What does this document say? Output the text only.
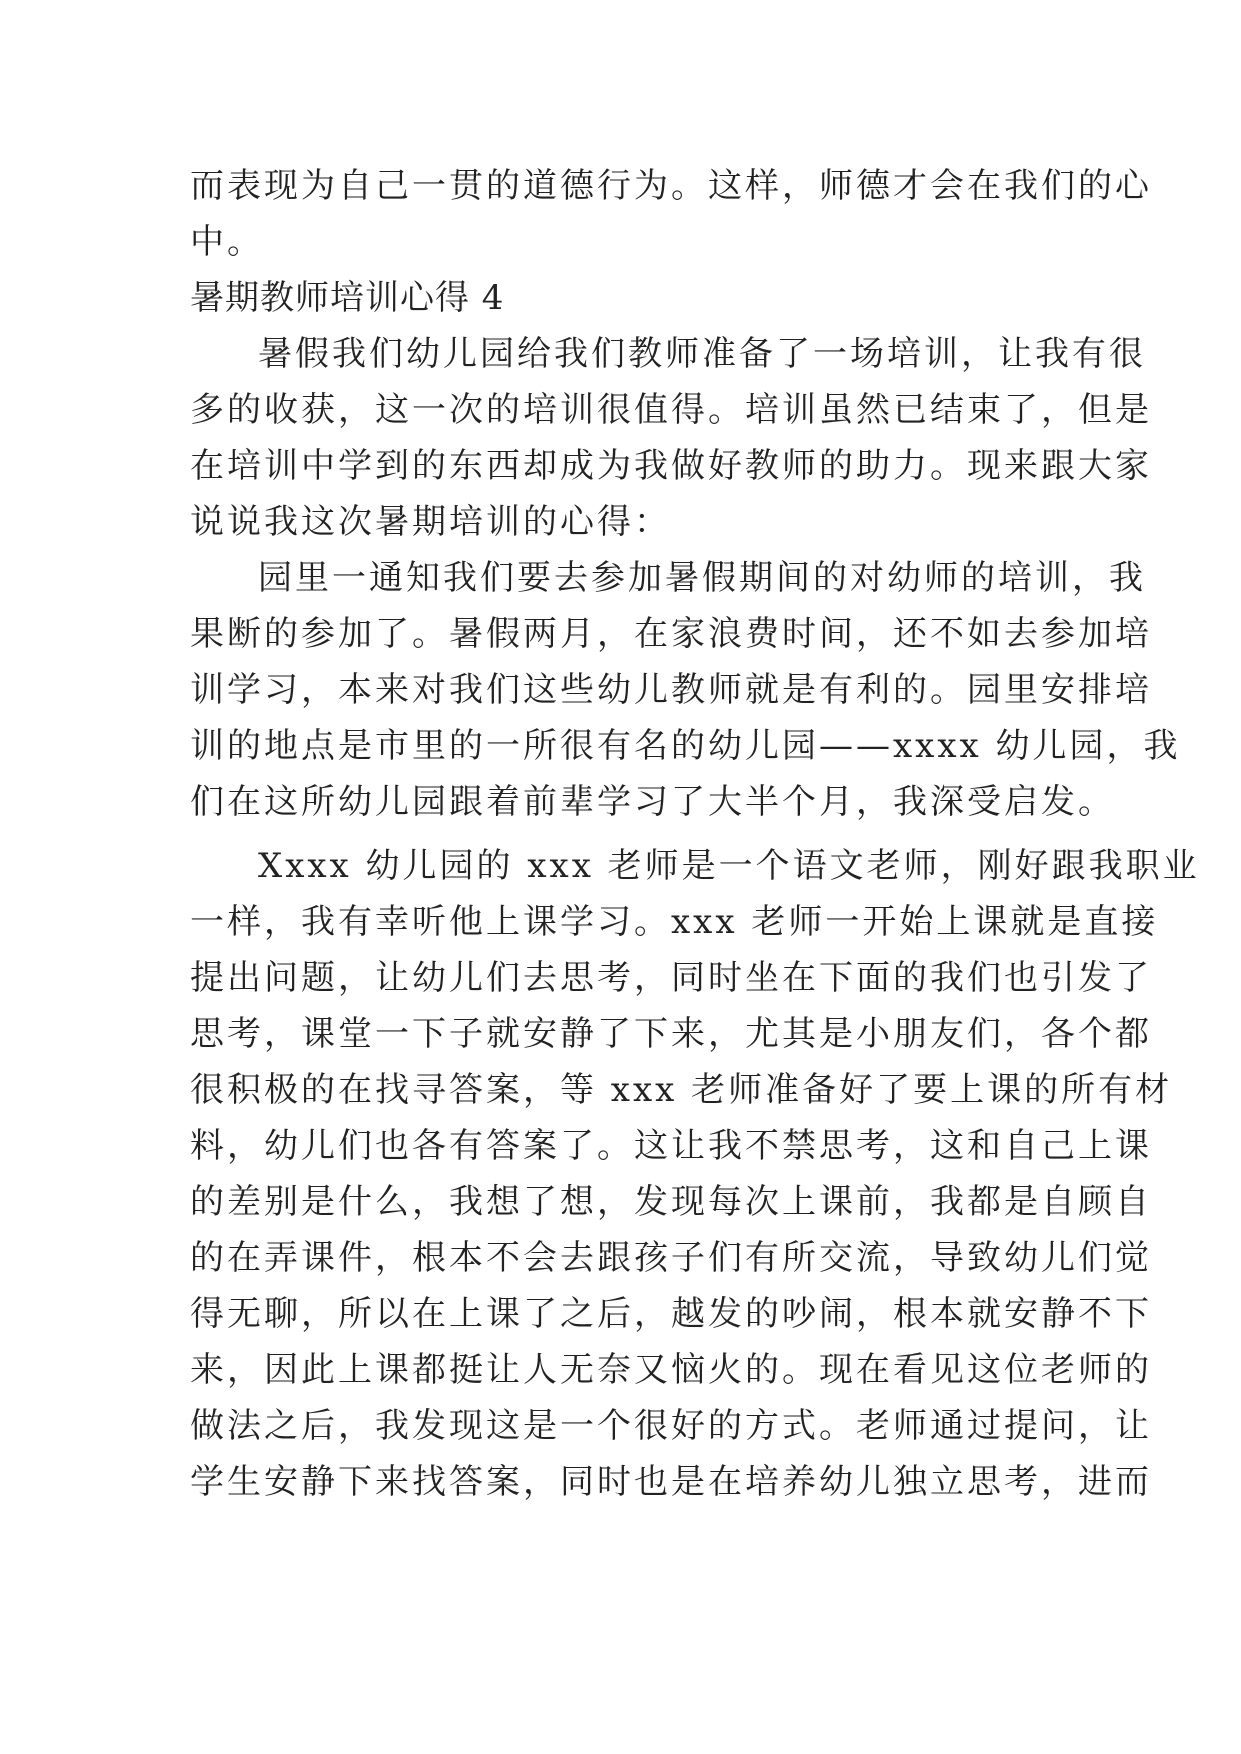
而表现为自己一贯的道德行为。这样，师德才会在我们的心
中。
暑期教师培训心得 4
暑假我们幼儿园给我们教师准备了一场培训，让我有很
多的收获，这一次的培训很值得。培训虽然已结束了，但是
在培训中学到的东西却成为我做好教师的助力。现来跟大家
说说我这次暑期培训的心得：
园里一通知我们要去参加暑假期间的对幼师的培训，我
果断的参加了。暑假两月，在家浪费时间，还不如去参加培
训学习，本来对我们这些幼儿教师就是有利的。园里安排培
训的地点是市里的一所很有名的幼儿园——xxxx 幼儿园，我
们在这所幼儿园跟着前辈学习了大半个月，我深受启发。
Xxxx 幼儿园的 xxx 老师是一个语文老师，刚好跟我职业
一样，我有幸听他上课学习。xxx 老师一开始上课就是直接
提出问题，让幼儿们去思考，同时坐在下面的我们也引发了
思考，课堂一下子就安静了下来，尤其是小朋友们，各个都
很积极的在找寻答案，等 xxx 老师准备好了要上课的所有材
料，幼儿们也各有答案了。这让我不禁思考，这和自己上课
的差别是什么，我想了想，发现每次上课前，我都是自顾自
的在弄课件，根本不会去跟孩子们有所交流，导致幼儿们觉
得无聊，所以在上课了之后，越发的吵闹，根本就安静不下
来，因此上课都挺让人无奈又恼火的。现在看见这位老师的
做法之后，我发现这是一个很好的方式。老师通过提问，让
学生安静下来找答案，同时也是在培养幼儿独立思考，进而
